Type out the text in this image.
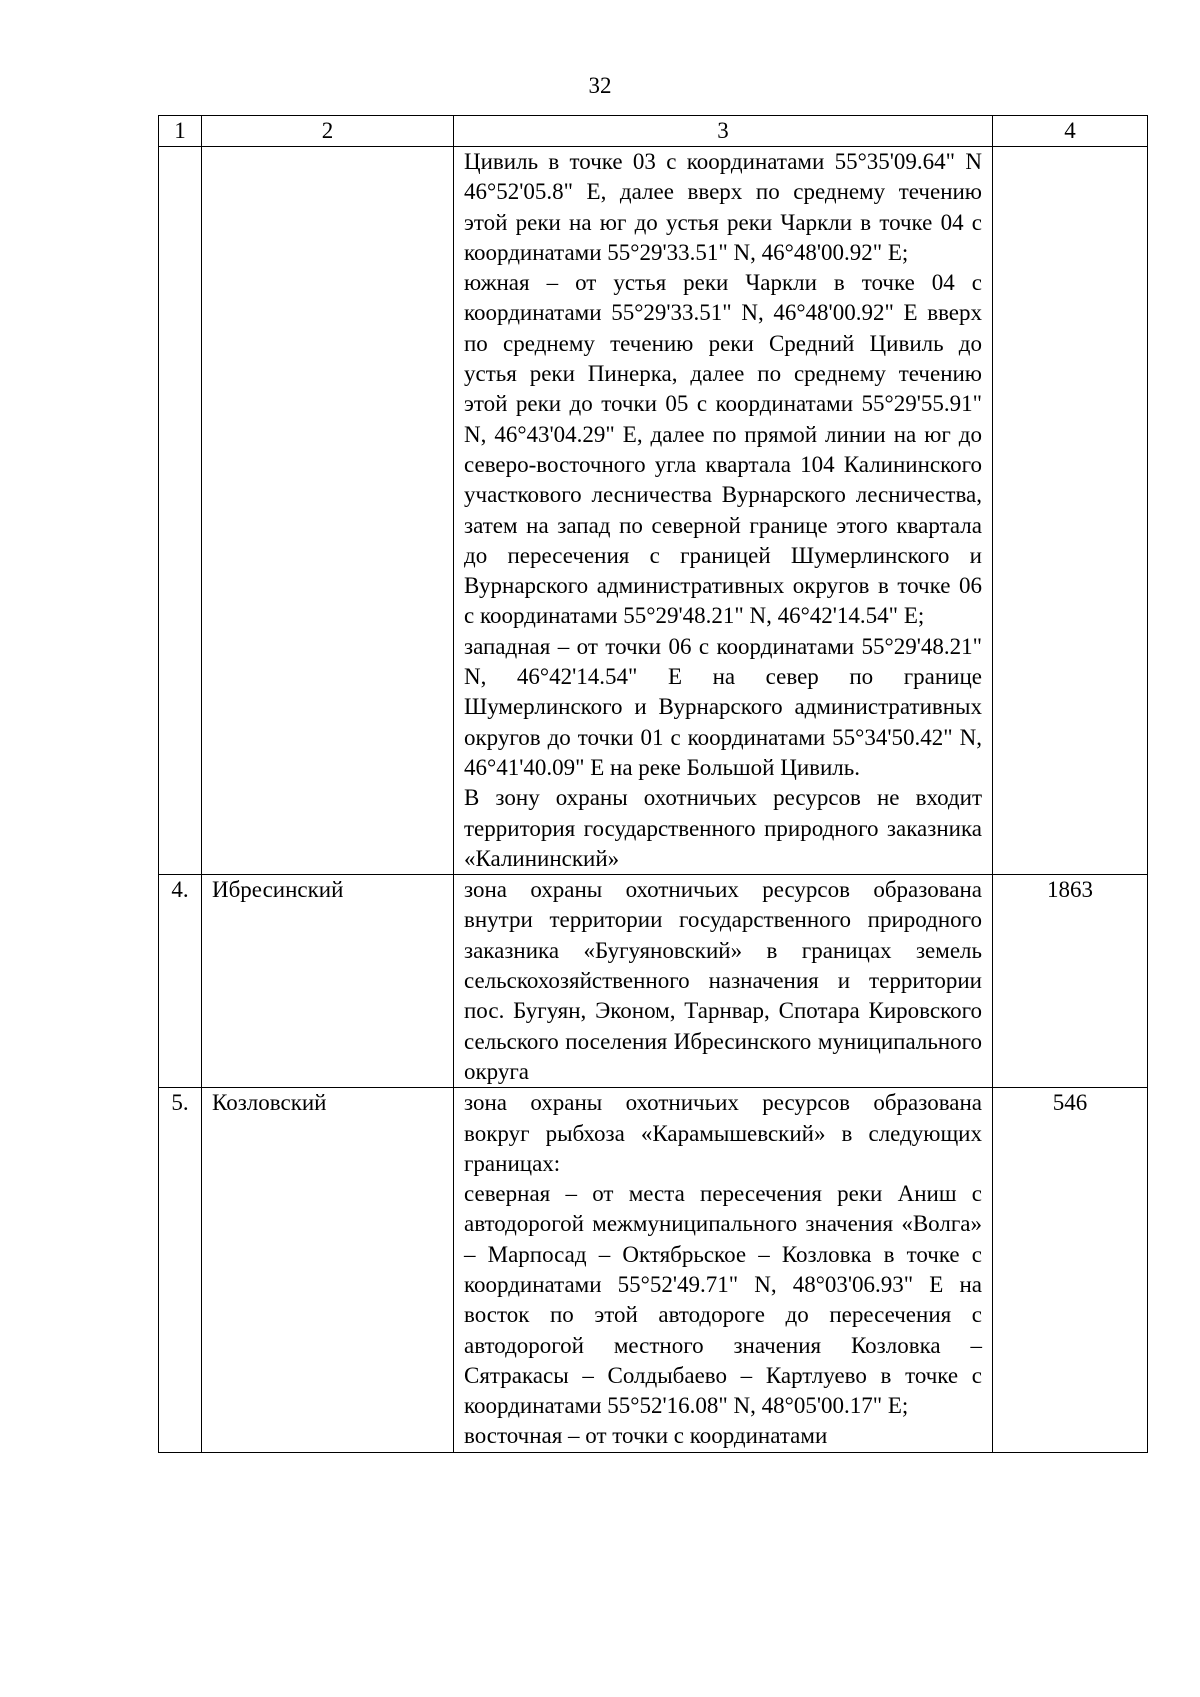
32
1	2	3	4

		Цивиль в точке 03 с координатами 55°35'09.64" N 46°52'05.8" E, далее вверх по среднему течению этой реки на юг до устья реки Чаркли в точке 04 с координатами 55°29'33.51" N, 46°48'00.92" E;
южная – от устья реки Чаркли в точке 04 с координатами 55°29'33.51" N, 46°48'00.92" E вверх по среднему течению реки Средний Цивиль до устья реки Пинерка, далее по среднему течению этой реки до точки 05 с координатами 55°29'55.91" N, 46°43'04.29" E, далее по прямой линии на юг до северо-восточного угла квартала 104 Калининского участкового лесничества Вурнарского лесничества, затем на запад по северной границе этого квартала до пересечения с границей Шумерлинского и Вурнарского административных округов в точке 06 с координатами 55°29'48.21" N, 46°42'14.54" E;
западная – от точки 06 с координатами 55°29'48.21" N, 46°42'14.54" E на север по границе Шумерлинского и Вурнарского административных округов до точки 01 с координатами 55°34'50.42" N, 46°41'40.09" E на реке Большой Цивиль.
В зону охраны охотничьих ресурсов не входит территория государственного природного заказника «Калининский»	

4.	Ибресинский	зона охраны охотничьих ресурсов образована внутри территории государственного природного заказника «Бугуяновский» в границах земель сельскохозяйственного назначения и территории пос. Бугуян, Эконом, Тарнвар, Спотара Кировского сельского поселения Ибресинского муниципального округа	1863
5.	Козловский	зона охраны охотничьих ресурсов образована вокруг рыбхоза «Карамышевский» в следующих границах:
северная – от места пересечения реки Аниш с автодорогой межмуниципального значения «Волга» – Марпосад – Октябрьское – Козловка в точке с координатами 55°52'49.71" N, 48°03'06.93" E на восток по этой автодороге до пересечения с автодорогой местного значения Козловка – Сятракасы – Солдыбаево – Картлуево в точке с координатами 55°52'16.08" N, 48°05'00.17" E;
восточная – от точки с координатами	546
